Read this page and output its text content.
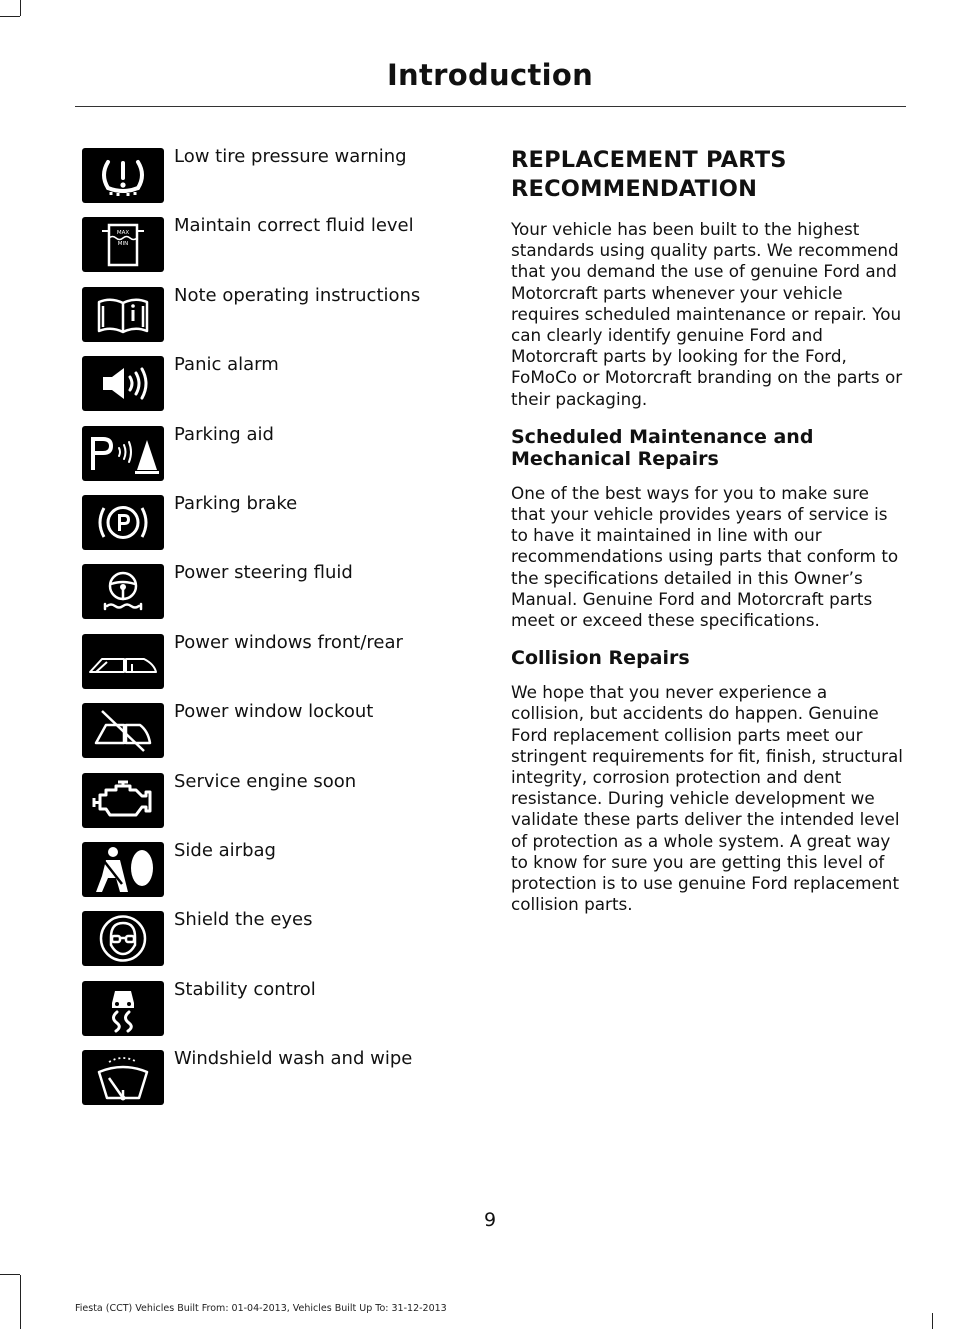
Introduction
Low tire pressure warning
MAX
MIN
Maintain correct fluid level
Note operating instructions
Panic alarm
Parking aid
Parking brake
Power steering fluid
Power windows front/rear
Power window lockout
Service engine soon
Side airbag
Shield the eyes
Stability control
Windshield wash and wipe
REPLACEMENT PARTS
RECOMMENDATION

Your vehicle has been built to the highest standards using quality parts. We recommend that you demand the use of genuine Ford and Motorcraft parts whenever your vehicle requires scheduled maintenance or repair. You can clearly identify genuine Ford and Motorcraft parts by looking for the Ford, FoMoCo or Motorcraft branding on the parts or their packaging.

Scheduled Maintenance and
Mechanical Repairs

One of the best ways for you to make sure that your vehicle provides years of service is to have it maintained in line with our recommendations using parts that conform to the specifications detailed in this Owner’s Manual. Genuine Ford and Motorcraft parts meet or exceed these specifications.

Collision Repairs

We hope that you never experience a collision, but accidents do happen. Genuine Ford replacement collision parts meet our stringent requirements for fit, finish, structural integrity, corrosion protection and dent resistance. During vehicle development we validate these parts deliver the intended level of protection as a whole system. A great way to know for sure you are getting this level of protection is to use genuine Ford replacement collision parts.

9
Fiesta (CCT) Vehicles Built From: 01-04-2013, Vehicles Built Up To: 31-12-2013
